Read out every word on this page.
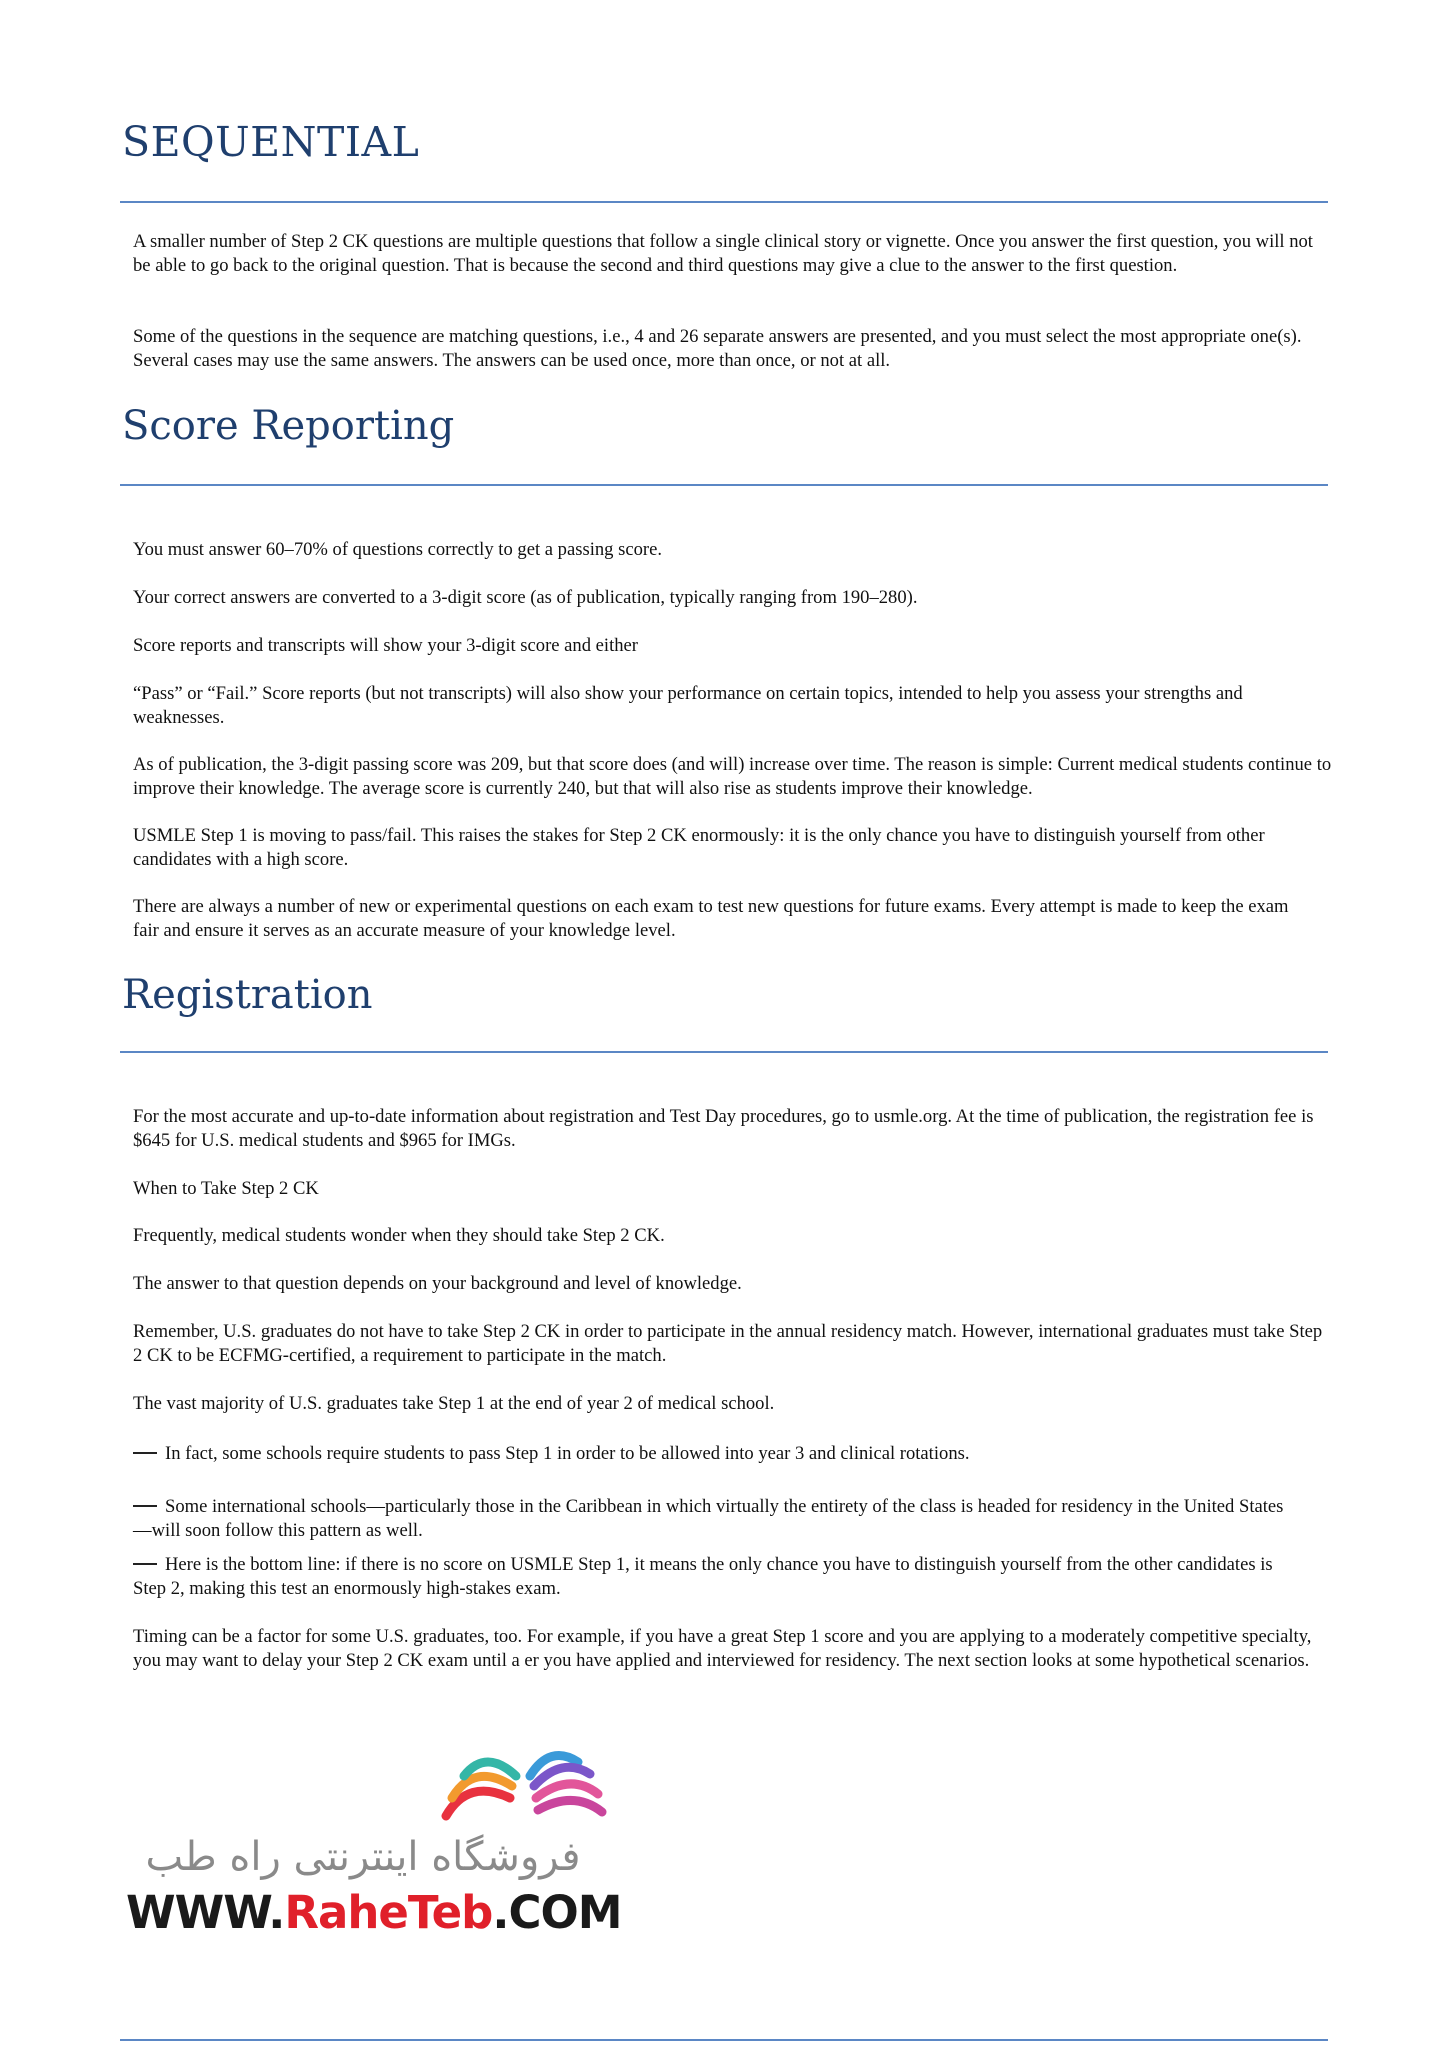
SEQUENTIAL

A smaller number of Step 2 CK questions are multiple questions that follow a single clinical story or vignette. Once you answer the first question, you will not be able to go back to the original question. That is because the second and third questions may give a clue to the answer to the first question.

Some of the questions in the sequence are matching questions, i.e., 4 and 26 separate answers are presented, and you must select the most appropriate one(s). Several cases may use the same answers. The answers can be used once, more than once, or not at all.

Score Reporting

You must answer 60–70% of questions correctly to get a passing score.

Your correct answers are converted to a 3-digit score (as of publication, typically ranging from 190–280).

Score reports and transcripts will show your 3-digit score and either

“Pass” or “Fail.” Score reports (but not transcripts) will also show your performance on certain topics, intended to help you assess your strengths and weaknesses.

As of publication, the 3-digit passing score was 209, but that score does (and will) increase over time. The reason is simple: Current medical students continue to improve their knowledge. The average score is currently 240, but that will also rise as students improve their knowledge.

USMLE Step 1 is moving to pass/fail. This raises the stakes for Step 2 CK enormously: it is the only chance you have to distinguish yourself from other candidates with a high score.

There are always a number of new or experimental questions on each exam to test new questions for future exams. Every attempt is made to keep the exam fair and ensure it serves as an accurate measure of your knowledge level.

Registration

For the most accurate and up-to-date information about registration and Test Day procedures, go to usmle.org. At the time of publication, the registration fee is $645 for U.S. medical students and $965 for IMGs.

When to Take Step 2 CK

Frequently, medical students wonder when they should take Step 2 CK.

The answer to that question depends on your background and level of knowledge.

Remember, U.S. graduates do not have to take Step 2 CK in order to participate in the annual residency match. However, international graduates must take Step 2 CK to be ECFMG-certified, a requirement to participate in the match.

The vast majority of U.S. graduates take Step 1 at the end of year 2 of medical school.

In fact, some schools require students to pass Step 1 in order to be allowed into year 3 and clinical rotations.

Some international schools—particularly those in the Caribbean in which virtually the entirety of the class is headed for residency in the United States—will soon follow this pattern as well.

Here is the bottom line: if there is no score on USMLE Step 1, it means the only chance you have to distinguish yourself from the other candidates is Step 2, making this test an enormously high-stakes exam.

Timing can be a factor for some U.S. graduates, too. For example, if you have a great Step 1 score and you are applying to a moderately competitive specialty, you may want to delay your Step 2 CK exam until a er you have applied and interviewed for residency. The next section looks at some hypothetical scenarios.

فروشگاه اینترنتی راه طب
WWW.RaheTeb.COM
